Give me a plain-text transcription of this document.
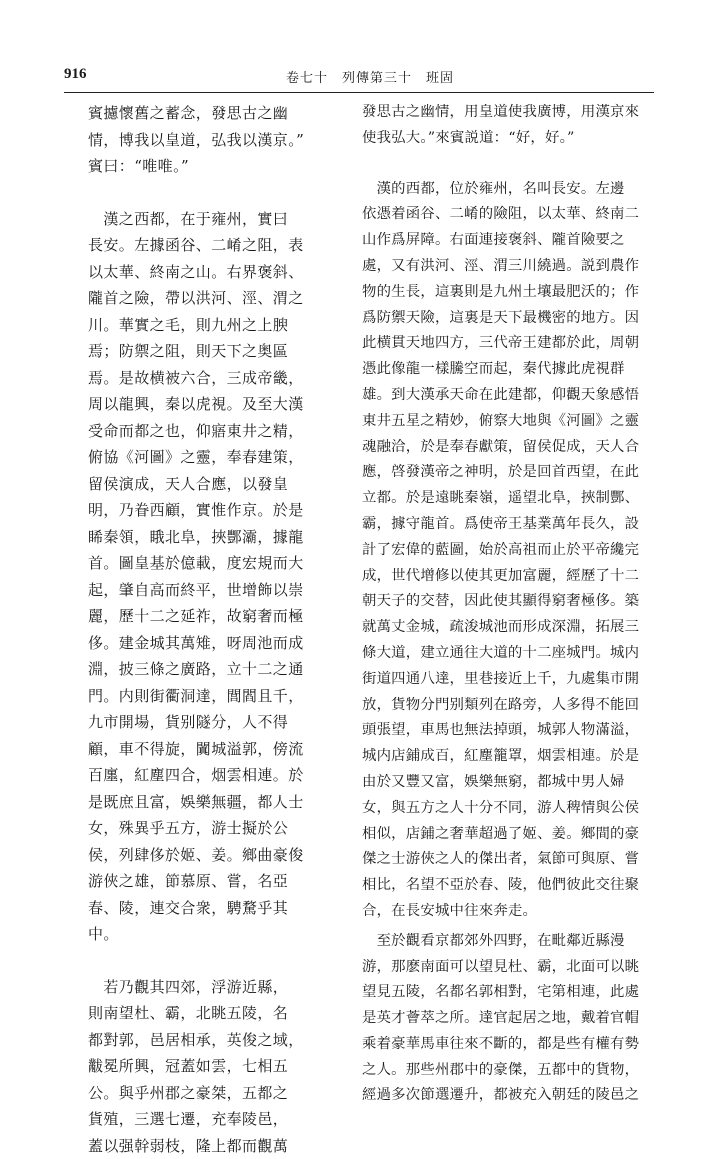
916	卷七十　列傳第三十　班固

賓攄懷舊之蓄念，發思古之幽
情，博我以皇道，弘我以漢京。”
賓曰：“唯唯。”

　漢之西都，在于雍州，實曰
長安。左據函谷、二崤之阻，表
以太華、終南之山。右界褒斜、
隴首之險，帶以洪河、涇、渭之
川。華實之毛，則九州之上腴
焉；防禦之阻，則天下之奥區
焉。是故横被六合，三成帝畿，
周以龍興，秦以虎視。及至大漢
受命而都之也，仰寤東井之精，
俯協《河圖》之靈，奉春建策，
留侯演成，天人合應，以發皇
明，乃眷西顧，實惟作京。於是
睎秦領，睋北阜，挾酆灞，據龍
首。圖皇基於億載，度宏規而大
起，肇自高而終平，世增飾以崇
麗，歷十二之延祚，故窮奢而極
侈。建金城其萬雉，呀周池而成
淵，披三條之廣路，立十二之通
門。内則街衢洞達，閭閻且千，
九市開場，貨别隧分，人不得
顧，車不得旋，闐城溢郭，傍流
百廛，紅塵四合，烟雲相連。於
是既庶且富，娛樂無疆，都人士
女，殊異乎五方，游士擬於公
侯，列肆侈於姬、姜。鄉曲豪俊
游俠之雄，節慕原、嘗，名亞
春、陵，連交合衆，騁騖乎其
中。

　若乃觀其四郊，浮游近縣，
則南望杜、霸，北眺五陵，名
都對郭，邑居相承，英俊之域，
黻冕所興，冠蓋如雲，七相五
公。與乎州郡之豪桀，五都之
貨殖，三選七遷，充奉陵邑，
蓋以强幹弱枝，隆上都而觀萬

發思古之幽情，用皇道使我廣博，用漢京來
使我弘大。”來賓説道：“好，好。”

　漢的西都，位於雍州，名叫長安。左邊
依憑着函谷、二崤的險阻，以太華、終南二
山作爲屏障。右面連接褒斜、隴首險要之
處，又有洪河、涇、渭三川繞過。説到農作
物的生長，這裏則是九州土壤最肥沃的；作
爲防禦天險，這裏是天下最機密的地方。因
此横貫天地四方，三代帝王建都於此，周朝
憑此像龍一樣騰空而起，秦代據此虎視群
雄。到大漢承天命在此建都，仰觀天象感悟
東井五星之精妙，俯察大地與《河圖》之靈
魂融洽，於是奉春獻策，留侯促成，天人合
應，啓發漢帝之神明，於是回首西望，在此
立都。於是遠眺秦嶺，遥望北阜，挾制酆、
霸，據守龍首。爲使帝王基業萬年長久，設
計了宏偉的藍圖，始於高祖而止於平帝纔完
成，世代增修以使其更加富麗，經歷了十二
朝天子的交替，因此使其顯得窮奢極侈。築
就萬丈金城，疏浚城池而形成深淵，拓展三
條大道，建立通往大道的十二座城門。城内
街道四通八達，里巷接近上千，九處集市開
放，貨物分門别類列在路旁，人多得不能回
頭張望，車馬也無法掉頭，城郭人物滿溢，
城内店鋪成百，紅塵籠罩，烟雲相連。於是
由於又豐又富，娛樂無窮，都城中男人婦
女，與五方之人十分不同，游人稗情與公侯
相似，店鋪之奢華超過了姬、姜。鄉間的豪
傑之士游俠之人的傑出者，氣節可與原、嘗
相比，名望不亞於春、陵，他們彼此交往聚
合，在長安城中往來奔走。

　至於觀看京都郊外四野，在毗鄰近縣漫
游，那麽南面可以望見杜、霸，北面可以眺
望見五陵，名都名郭相對，宅第相連，此處
是英才薈萃之所。達官起居之地，戴着官帽
乘着豪華馬車往來不斷的，都是些有權有勢
之人。那些州郡中的豪傑，五都中的貨物，
經過多次節選遷升，都被充入朝廷的陵邑之
